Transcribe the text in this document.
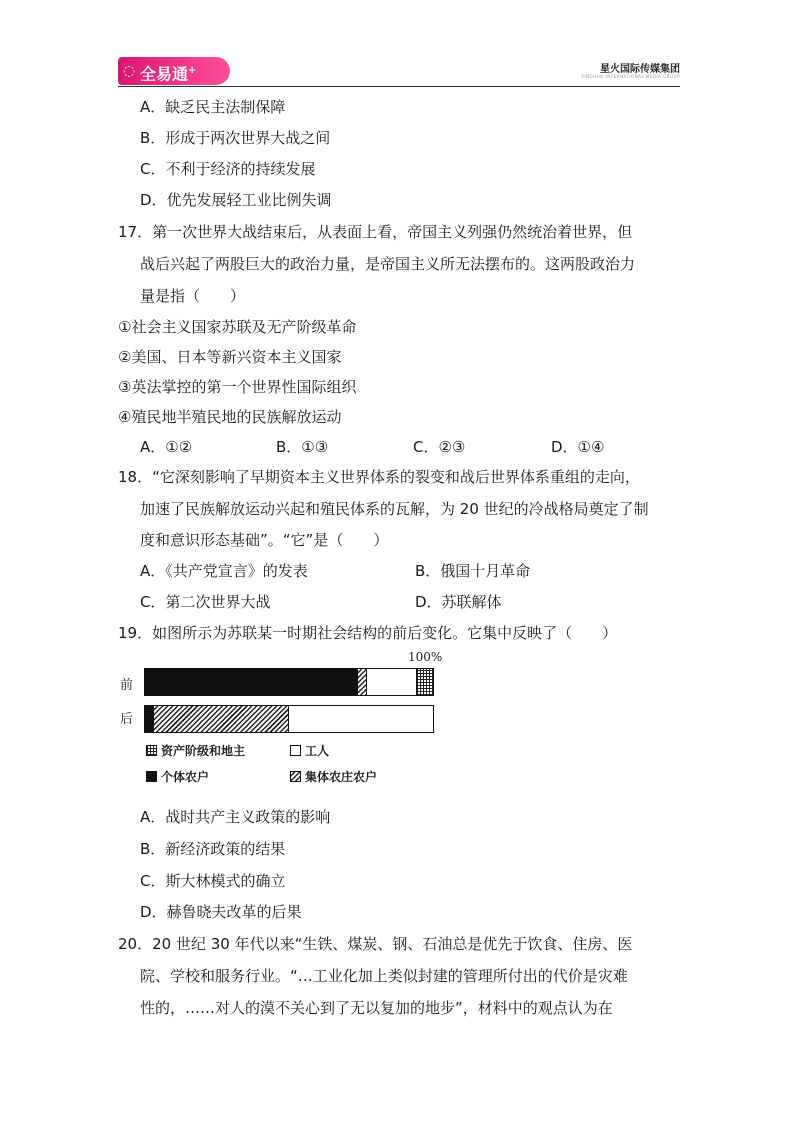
◌ 全易通+	星火国际传媒集团
XINGHUO INTERNATIONAL MEDIA GROUP
A．缺乏民主法制保障
B．形成于两次世界大战之间
C．不利于经济的持续发展
D．优先发展轻工业比例失调
17．第一次世界大战结束后，从表面上看，帝国主义列强仍然统治着世界，但
战后兴起了两股巨大的政治力量，是帝国主义所无法摆布的。这两股政治力
量是指（　　）
①社会主义国家苏联及无产阶级革命
②美国、日本等新兴资本主义国家
③英法掌控的第一个世界性国际组织
④殖民地半殖民地的民族解放运动
A．①②	B．①③	C．②③	D．①④
18．“它深刻影响了早期资本主义世界体系的裂变和战后世界体系重组的走向，
加速了民族解放运动兴起和殖民体系的瓦解，为 20 世纪的冷战格局奠定了制
度和意识形态基础”。“它”是（　　）
A．《共产党宣言》的发表	B．俄国十月革命
C．第二次世界大战	D．苏联解体
19．如图所示为苏联某一时期社会结构的前后变化。它集中反映了（　　）
100%
前
后
资产阶级和地主	工人
个体农户	集体农庄农户
A．战时共产主义政策的影响
B．新经济政策的结果
C．斯大林模式的确立
D．赫鲁晓夫改革的后果
20．20 世纪 30 年代以来“生铁、煤炭、钢、石油总是优先于饮食、住房、医
院、学校和服务行业。“…工业化加上类似封建的管理所付出的代价是灾难
性的，……对人的漠不关心到了无以复加的地步”，材料中的观点认为在
